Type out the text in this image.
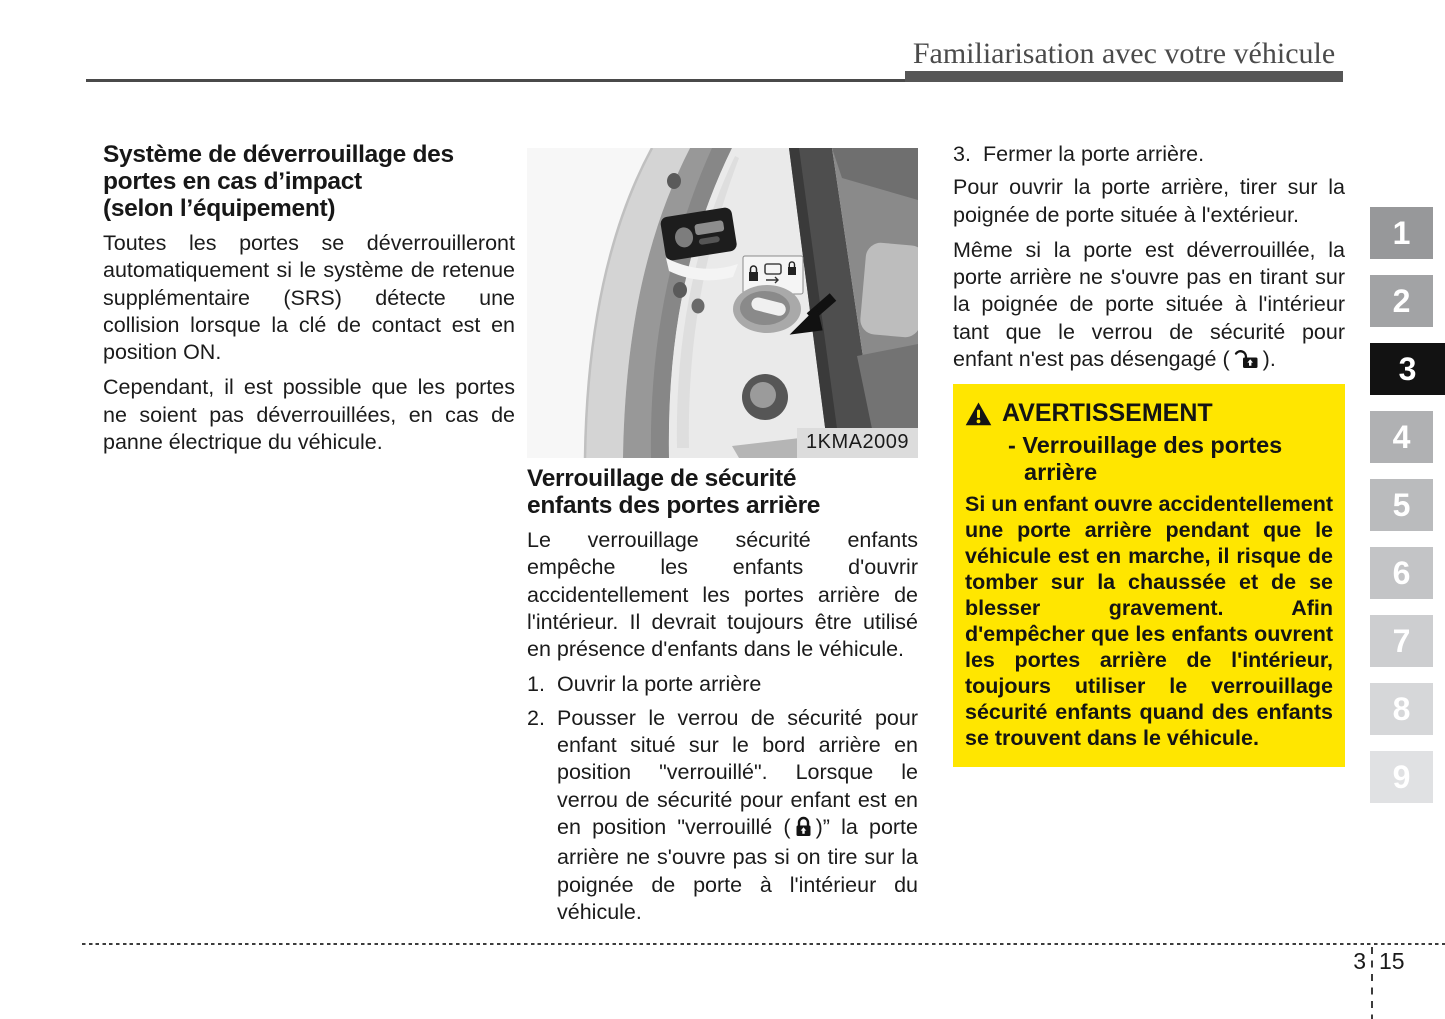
Familiarisation avec votre véhicule
Système de déverrouillage des
portes en cas d’impact
(selon l’équipement)

Toutes les portes se déverrouilleront automatiquement si le système de retenue supplémentaire (SRS) détecte une collision lorsque la clé de contact est en position ON.

Cependant, il est possible que les portes ne soient pas déverrouillées, en cas de panne électrique du véhicule.	1KMA2009
Verrouillage de sécurité
enfants des portes arrière

Le verrouillage sécurité enfants empêche les enfants d'ouvrir accidentellement les portes arrière de l'intérieur. Il devrait toujours être utilisé en présence d'enfants dans le véhicule.

1. Ouvrir la porte arrière
2. Pousser le verrou de sécurité pour enfant situé sur le bord arrière en position "verrouillé". Lorsque le verrou de sécurité pour enfant est en en position "verrouillé ( )” la porte arrière ne s'ouvre pas si on tire sur la poignée de porte à l'intérieur du véhicule.
3. Fermer la porte arrière.

Pour ouvrir la porte arrière, tirer sur la poignée de porte située à l'extérieur.

Même si la porte est déverrouillée, la porte arrière ne s'ouvre pas en tirant sur la poignée de porte située à l'intérieur tant que le verrou de sécurité pour enfant n'est pas désengagé ( ).

AVERTISSEMENT
- Verrouillage des portes arrière

Si un enfant ouvre accidentellement une porte arrière pendant que le véhicule est en marche, il risque de tomber sur la chaussée et de se blesser gravement. Afin d'empêcher que les enfants ouvrent les portes arrière de l'intérieur, toujours utiliser le verrouillage sécurité enfants quand des enfants se trouvent dans le véhicule.

1
2
3
4
5
6
7
8
9
3 15
